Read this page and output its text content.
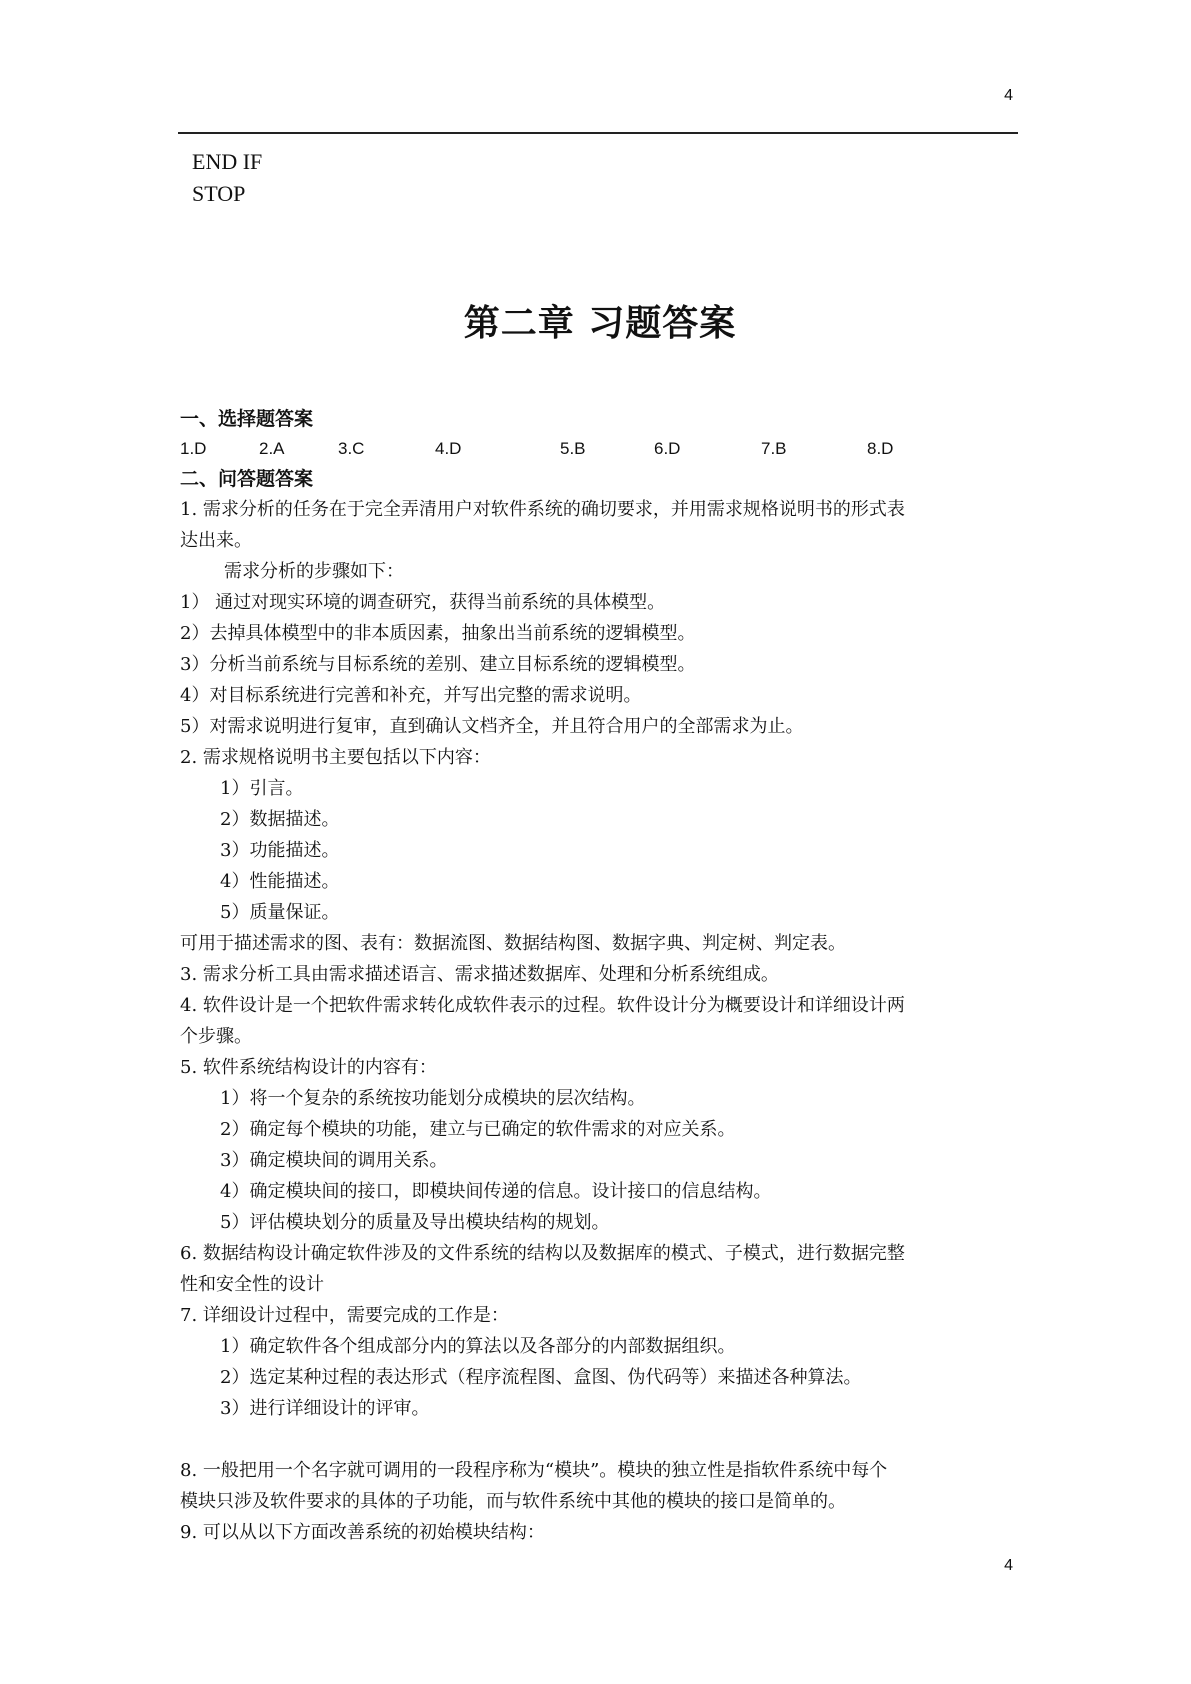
4
END IF
STOP
第二章 习题答案
一、选择题答案
1.D	2.A	3.C	4.D	5.B	6.D	7.B	8.D
二、问答题答案
1. 需求分析的任务在于完全弄清用户对软件系统的确切要求，并用需求规格说明书的形式表
达出来。
需求分析的步骤如下：
1） 通过对现实环境的调查研究，获得当前系统的具体模型。
2）去掉具体模型中的非本质因素，抽象出当前系统的逻辑模型。
3）分析当前系统与目标系统的差别、建立目标系统的逻辑模型。
4）对目标系统进行完善和补充，并写出完整的需求说明。
5）对需求说明进行复审，直到确认文档齐全，并且符合用户的全部需求为止。
2. 需求规格说明书主要包括以下内容：
1）引言。
2）数据描述。
3）功能描述。
4）性能描述。
5）质量保证。
可用于描述需求的图、表有：数据流图、数据结构图、数据字典、判定树、判定表。
3. 需求分析工具由需求描述语言、需求描述数据库、处理和分析系统组成。
4. 软件设计是一个把软件需求转化成软件表示的过程。软件设计分为概要设计和详细设计两
个步骤。
5. 软件系统结构设计的内容有：
1）将一个复杂的系统按功能划分成模块的层次结构。
2）确定每个模块的功能，建立与已确定的软件需求的对应关系。
3）确定模块间的调用关系。
4）确定模块间的接口，即模块间传递的信息。设计接口的信息结构。
5）评估模块划分的质量及导出模块结构的规划。
6. 数据结构设计确定软件涉及的文件系统的结构以及数据库的模式、子模式，进行数据完整
性和安全性的设计
7. 详细设计过程中，需要完成的工作是：
1）确定软件各个组成部分内的算法以及各部分的内部数据组织。
2）选定某种过程的表达形式（程序流程图、盒图、伪代码等）来描述各种算法。
3）进行详细设计的评审。
8. 一般把用一个名字就可调用的一段程序称为“模块”。模块的独立性是指软件系统中每个
模块只涉及软件要求的具体的子功能，而与软件系统中其他的模块的接口是简单的。
9. 可以从以下方面改善系统的初始模块结构：
4
